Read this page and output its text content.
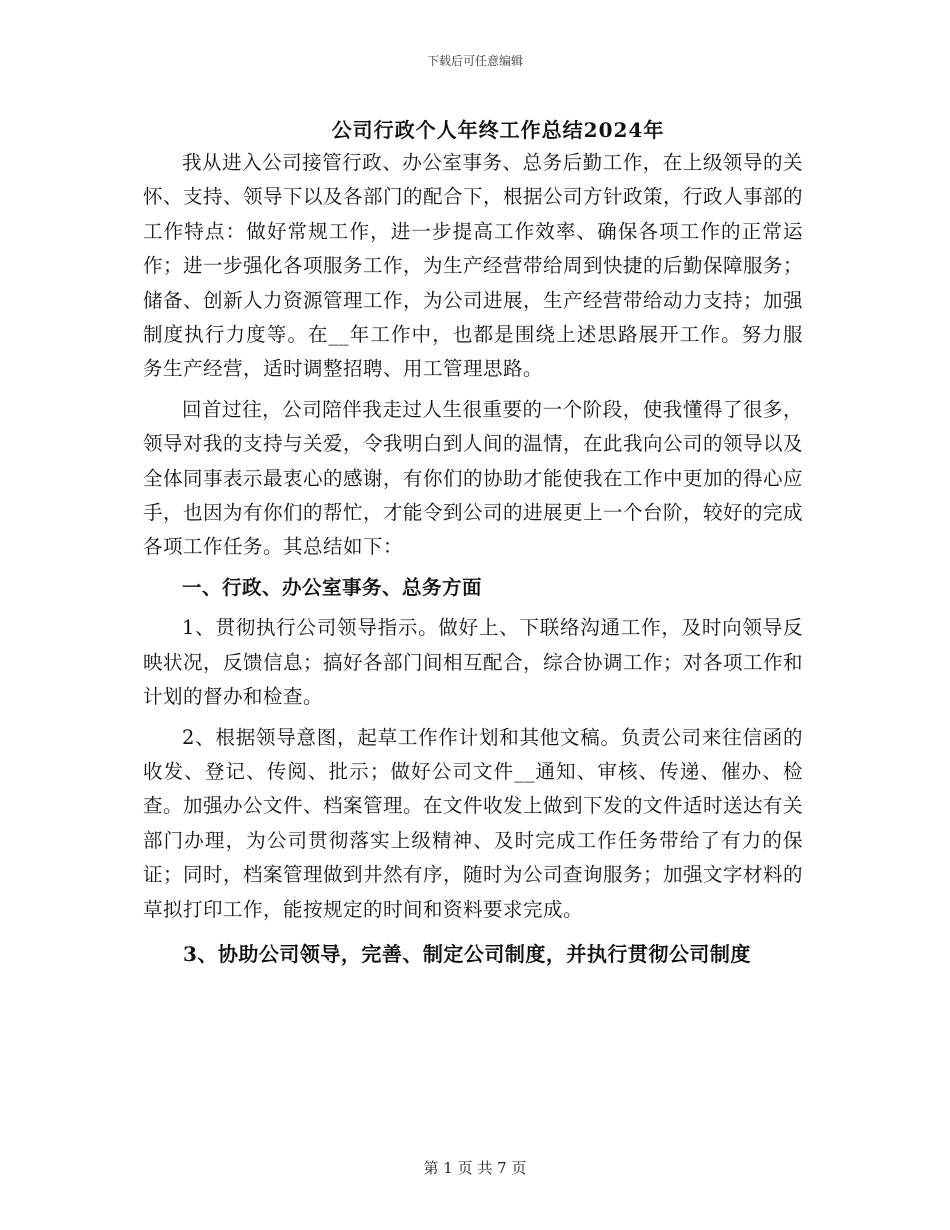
下载后可任意编辑
公司行政个人年终工作总结2024年

我从进入公司接管行政、办公室事务、总务后勤工作，在上级领导的关怀、支持、领导下以及各部门的配合下，根据公司方针政策，行政人事部的工作特点：做好常规工作，进一步提高工作效率、确保各项工作的正常运作；进一步强化各项服务工作，为生产经营带给周到快捷的后勤保障服务；储备、创新人力资源管理工作，为公司进展，生产经营带给动力支持；加强制度执行力度等。在__年工作中，也都是围绕上述思路展开工作。努力服务生产经营，适时调整招聘、用工管理思路。

回首过往，公司陪伴我走过人生很重要的一个阶段，使我懂得了很多，领导对我的支持与关爱，令我明白到人间的温情，在此我向公司的领导以及全体同事表示最衷心的感谢，有你们的协助才能使我在工作中更加的得心应手，也因为有你们的帮忙，才能令到公司的进展更上一个台阶，较好的完成各项工作任务。其总结如下：

一、行政、办公室事务、总务方面

1、贯彻执行公司领导指示。做好上、下联络沟通工作，及时向领导反映状况，反馈信息；搞好各部门间相互配合，综合协调工作；对各项工作和计划的督办和检查。

2、根据领导意图，起草工作作计划和其他文稿。负责公司来往信函的收发、登记、传阅、批示；做好公司文件__通知、审核、传递、催办、检查。加强办公文件、档案管理。在文件收发上做到下发的文件适时送达有关部门办理，为公司贯彻落实上级精神、及时完成工作任务带给了有力的保证；同时，档案管理做到井然有序，随时为公司查询服务；加强文字材料的草拟打印工作，能按规定的时间和资料要求完成。

3、协助公司领导，完善、制定公司制度，并执行贯彻公司制度

第 1 页 共 7 页
